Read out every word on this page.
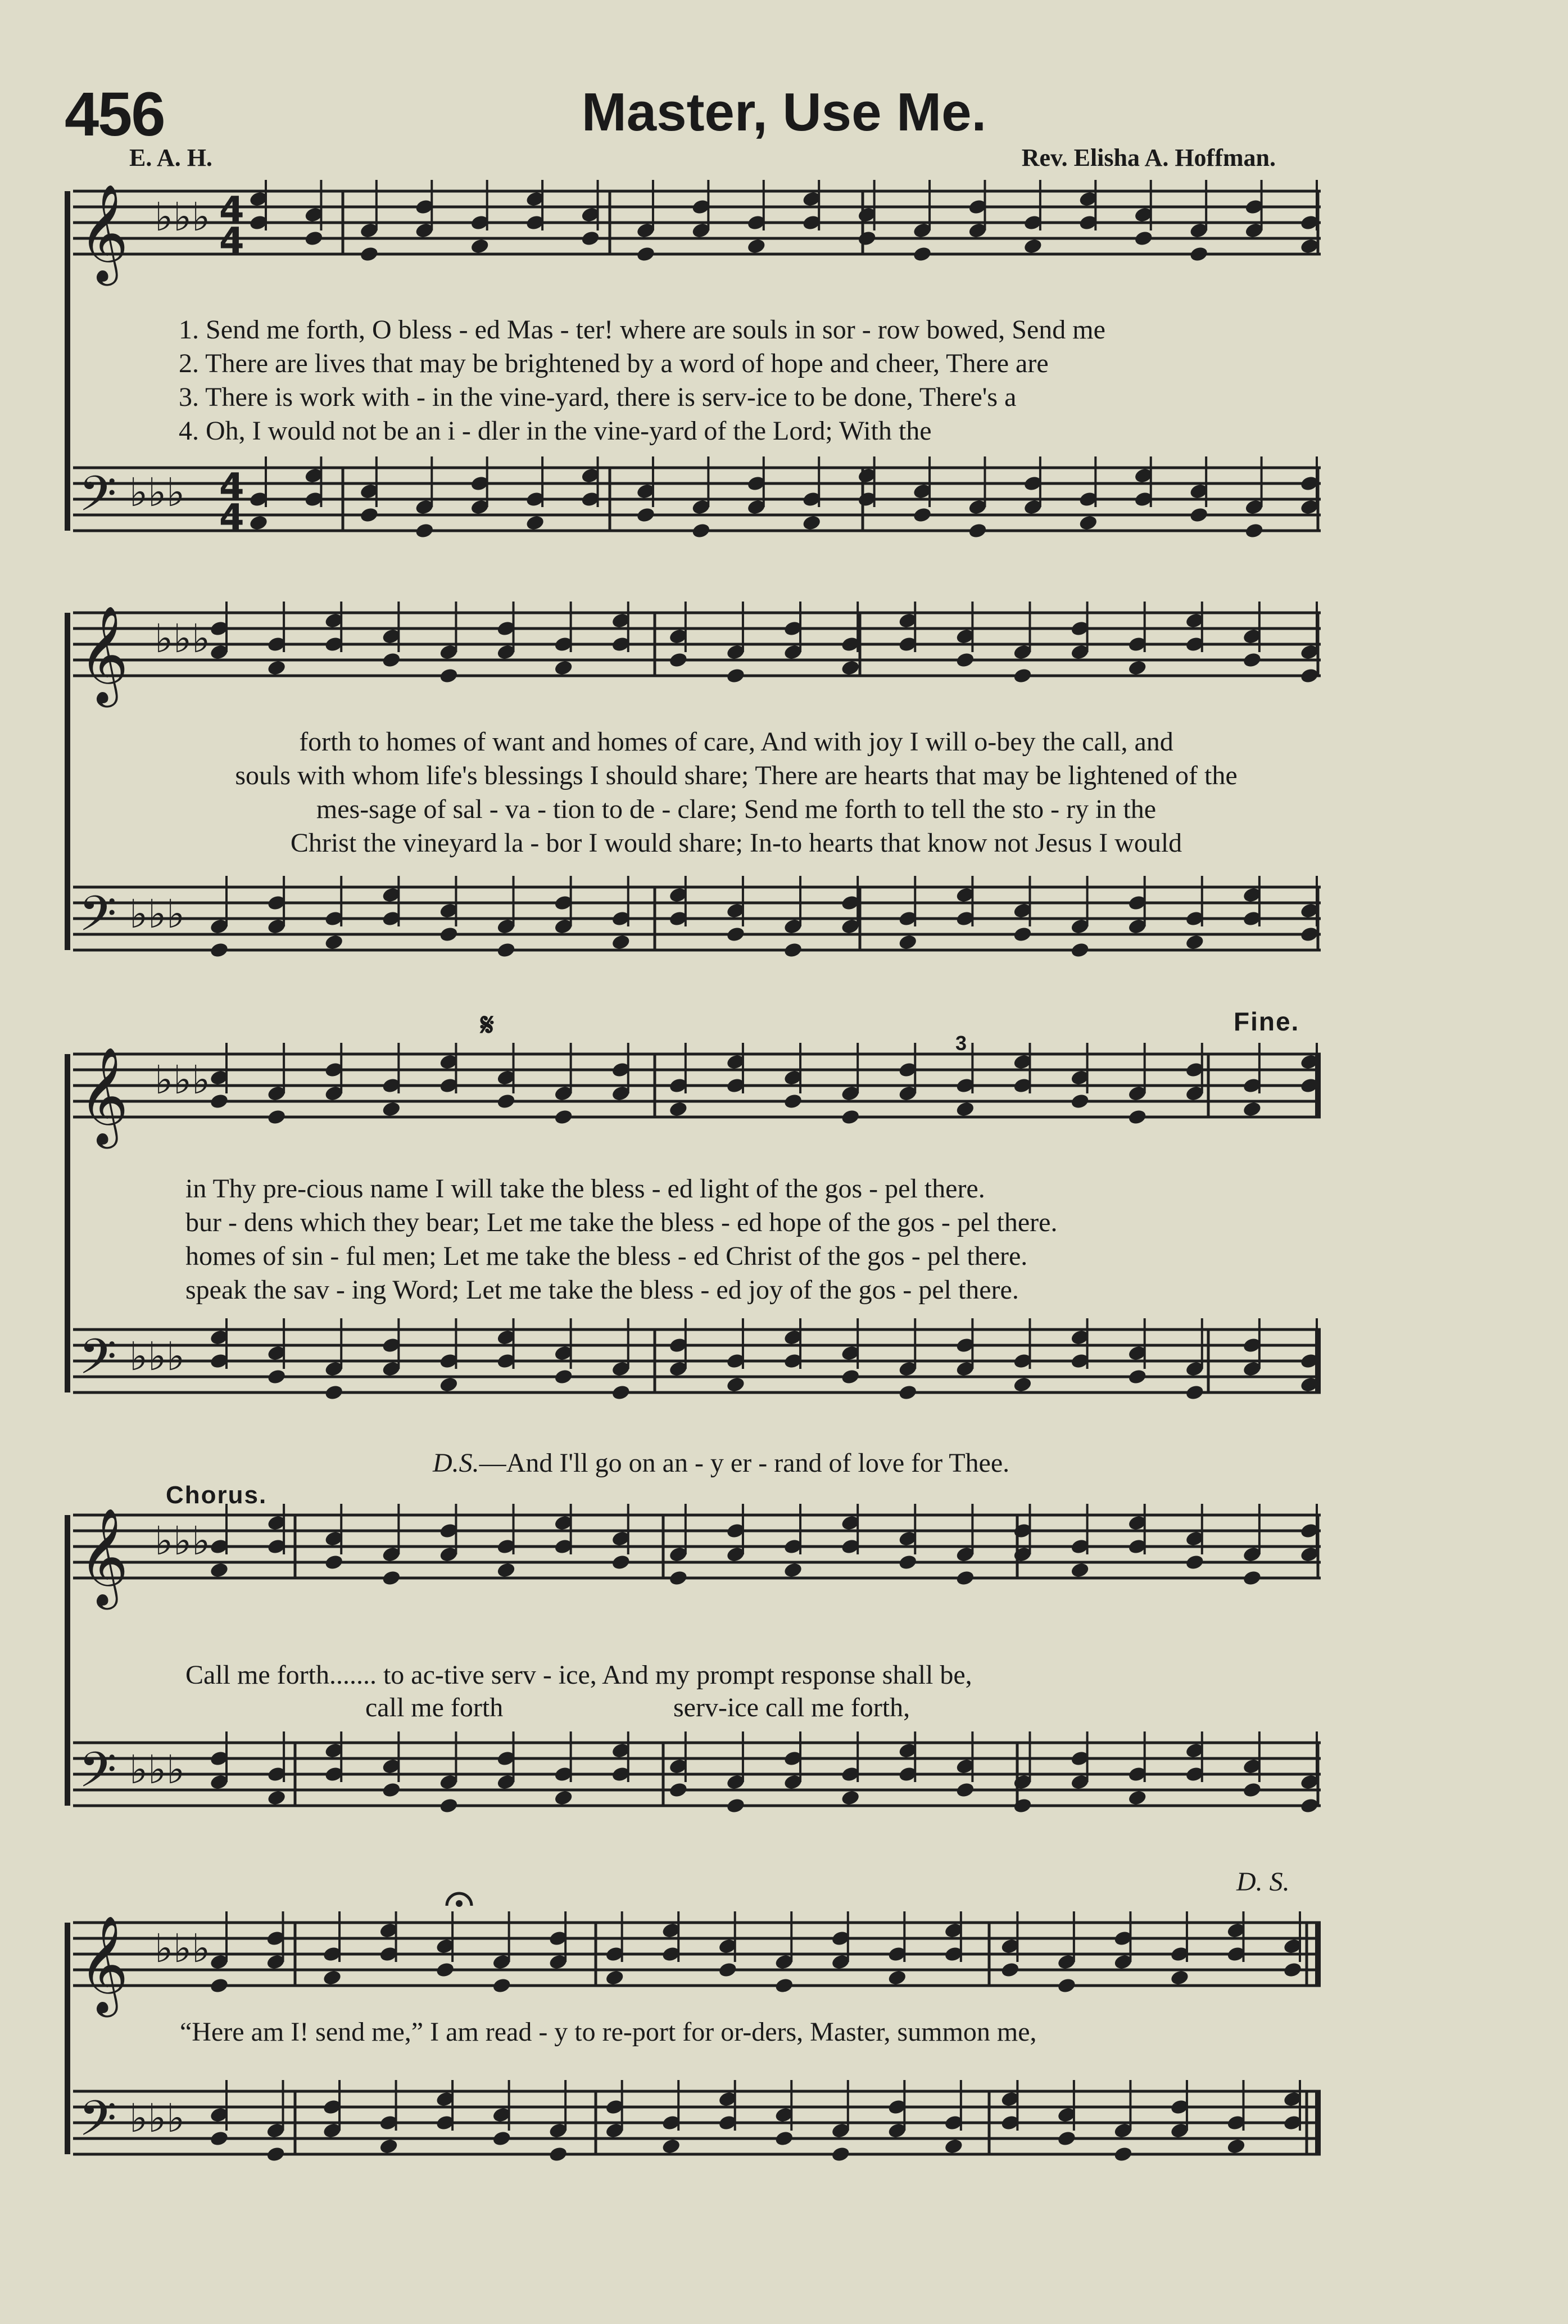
456	Master, Use Me.
E. A. H.	Rev. Elisha A. Hoffman.
𝄞
𝄢
♭♭♭
♭♭♭
4
4
4
4
𝄞
𝄢
♭♭♭
♭♭♭
𝄞
𝄢
♭♭♭
♭♭♭
𝄞
𝄢
♭♭♭
♭♭♭
𝄞
𝄢
♭♭♭
♭♭♭
1. Send me forth, O bless - ed Mas - ter! where are souls in sor - row bowed, Send me
2. There are lives that may be brightened by a word of hope and cheer, There are
3. There is work with - in the vine-yard, there is serv-ice to be done, There's a
4. Oh, I would not be an i - dler in the vine-yard of the Lord; With the
forth to homes of want and homes of care, And with joy I will o-bey the call, and
souls with whom life's blessings I should share; There are hearts that may be lightened of the
mes-sage of sal - va - tion to de - clare; Send me forth to tell the sto - ry in the
Christ the vineyard la - bor I would share; In-to hearts that know not Jesus I would
𝄋
3
Fine.
in Thy pre-cious name I will take the bless - ed light of the gos - pel there.
bur - dens which they bear; Let me take the bless - ed hope of the gos - pel there.
homes of sin - ful men; Let me take the bless - ed Christ of the gos - pel there.
speak the sav - ing Word; Let me take the bless - ed joy of the gos - pel there.
D.S.—And I'll go on an - y er - rand of love for Thee.
Chorus.
Call me forth....... to ac-tive serv - ice, And my prompt response shall be,
call me forth	serv-ice call me forth,
D. S.
“Here am I! send me,” I am read - y to re-port for or-ders, Master, summon me,
